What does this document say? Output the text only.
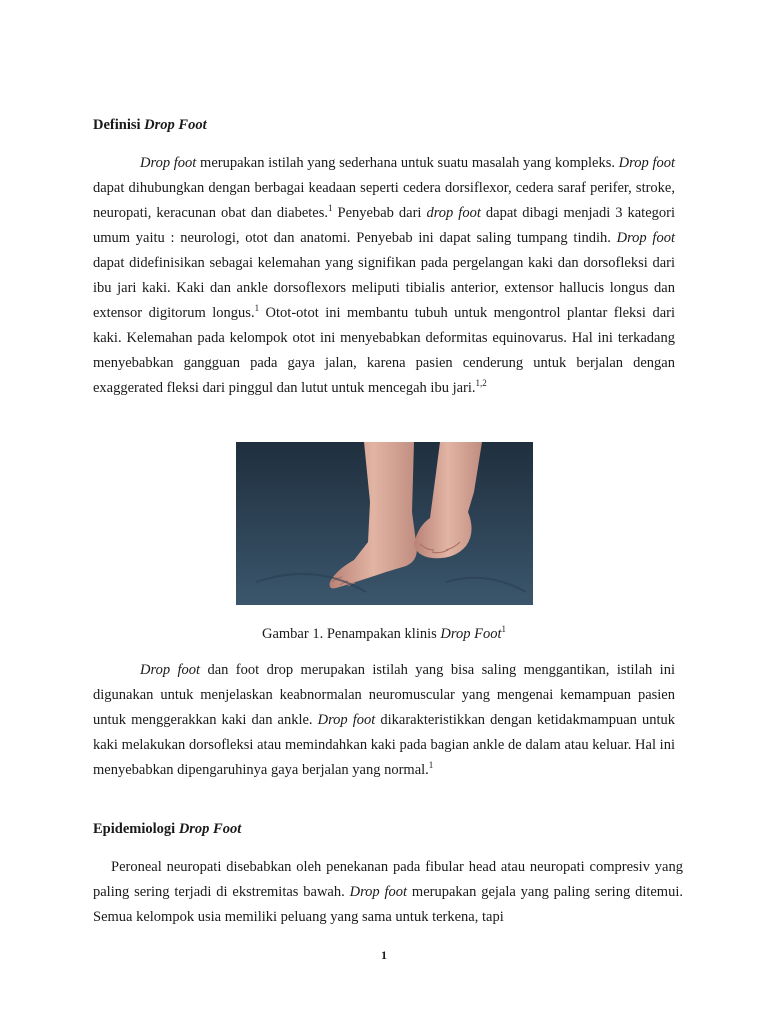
Definisi Drop Foot

Drop foot merupakan istilah yang sederhana untuk suatu masalah yang kompleks. Drop foot dapat dihubungkan dengan berbagai keadaan seperti cedera dorsiflexor, cedera saraf perifer, stroke, neuropati, keracunan obat dan diabetes.$^1$ Penyebab dari drop foot dapat dibagi menjadi 3 kategori umum yaitu : neurologi, otot dan anatomi. Penyebab ini dapat saling tumpang tindih. Drop foot dapat didefinisikan sebagai kelemahan yang signifikan pada pergelangan kaki dan dorsofleksi dari ibu jari kaki. Kaki dan ankle dorsoflexors meliputi tibialis anterior, extensor hallucis longus dan extensor digitorum longus.$^1$ Otot-otot ini membantu tubuh untuk mengontrol plantar fleksi dari kaki. Kelemahan pada kelompok otot ini menyebabkan deformitas equinovarus. Hal ini terkadang menyebabkan gangguan pada gaya jalan, karena pasien cenderung untuk berjalan dengan exaggerated fleksi dari pinggul dan lutut untuk mencegah ibu jari.$^{1,2}$

Gambar 1. Penampakan klinis Drop Foot$^1$

Drop foot dan foot drop merupakan istilah yang bisa saling menggantikan, istilah ini digunakan untuk menjelaskan keabnormalan neuromuscular yang mengenai kemampuan pasien untuk menggerakkan kaki dan ankle. Drop foot dikarakteristikkan dengan ketidakmampuan untuk kaki melakukan dorsofleksi atau memindahkan kaki pada bagian ankle de dalam atau keluar. Hal ini menyebabkan dipengaruhinya gaya berjalan yang normal.$^1$

Epidemiologi Drop Foot

Peroneal neuropati disebabkan oleh penekanan pada fibular head atau neuropati compresiv yang paling sering terjadi di ekstremitas bawah. Drop foot merupakan gejala yang paling sering ditemui. Semua kelompok usia memiliki peluang yang sama untuk terkena, tapi

1
